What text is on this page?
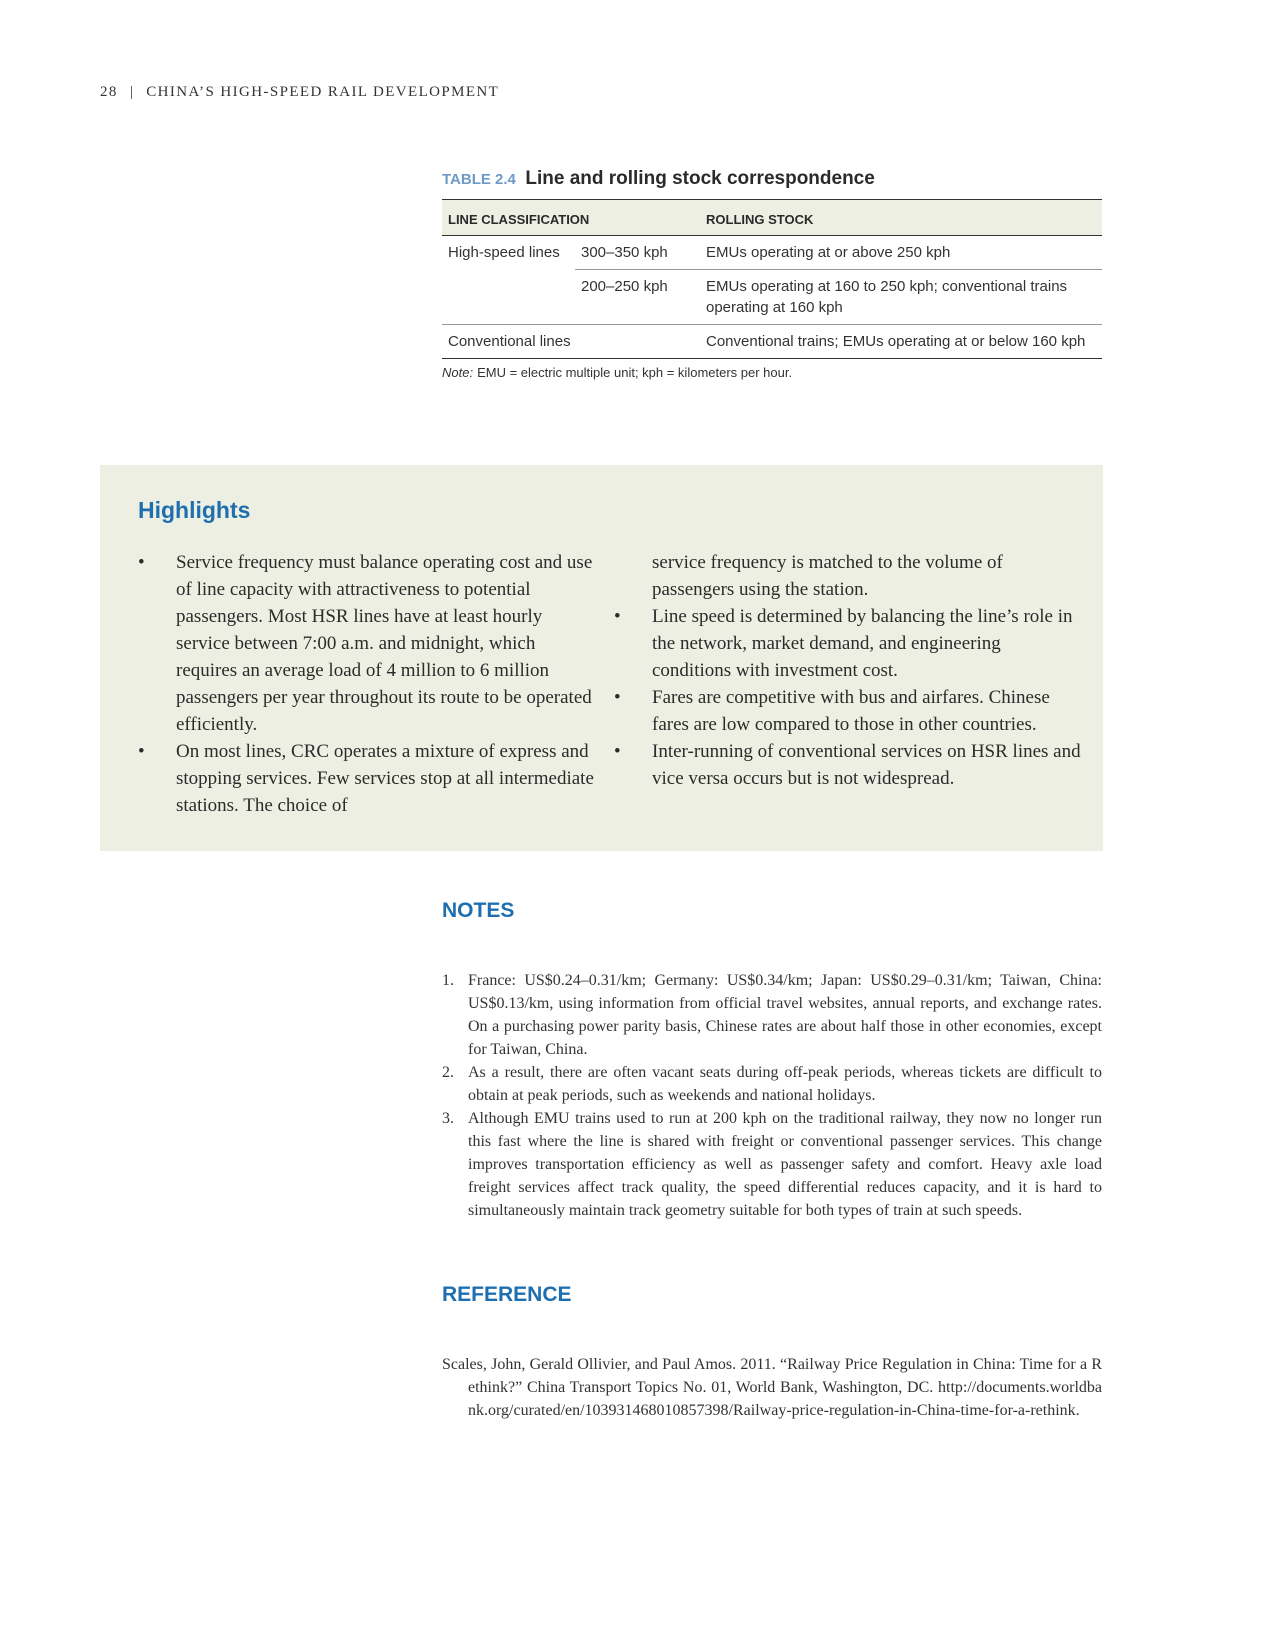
28 | CHINA’S HIGH-SPEED RAIL DEVELOPMENT
TABLE 2.4 Line and rolling stock correspondence
LINE CLASSIFICATION		ROLLING STOCK
High-speed lines	300–350 kph	EMUs operating at or above 250 kph
	200–250 kph	EMUs operating at 160 to 250 kph; conventional trains operating at 160 kph
Conventional lines		Conventional trains; EMUs operating at or below 160 kph
Note: EMU = electric multiple unit; kph = kilometers per hour.
Highlights
• Service frequency must balance operating cost and use of line capacity with attractiveness to potential passengers. Most HSR lines have at least hourly service between 7:00 a.m. and midnight, which requires an average load of 4 million to 6 million passengers per year throughout its route to be operated efficiently.
• On most lines, CRC operates a mixture of express and stopping services. Few services stop at all intermediate stations. The choice of
service frequency is matched to the volume of passengers using the station.
• Line speed is determined by balancing the line’s role in the network, market demand, and engineering conditions with investment cost.
• Fares are competitive with bus and airfares. Chinese fares are low compared to those in other countries.
• Inter-running of conventional services on HSR lines and vice versa occurs but is not widespread.
NOTES
1. France: US$0.24–0.31/km; Germany: US$0.34/km; Japan: US$0.29–0.31/km; Taiwan, China: US$0.13/km, using information from official travel websites, annual reports, and exchange rates. On a purchasing power parity basis, Chinese rates are about half those in other economies, except for Taiwan, China.
2. As a result, there are often vacant seats during off-peak periods, whereas tickets are difficult to obtain at peak periods, such as weekends and national holidays.
3. Although EMU trains used to run at 200 kph on the traditional railway, they now no longer run this fast where the line is shared with freight or conventional passenger services. This change improves transportation efficiency as well as passenger safety and comfort. Heavy axle load freight services affect track quality, the speed differential reduces capacity, and it is hard to simultaneously maintain track geometry suitable for both types of train at such speeds.
REFERENCE
Scales, John, Gerald Ollivier, and Paul Amos. 2011. “Railway Price Regulation in China: Time for a Rethink?” China Transport Topics No. 01, World Bank, Washington, DC. http://documents.worldbank.org/curated/en/103931468010857398/Railway-price-regulation-in-China-time-for-a-rethink.
